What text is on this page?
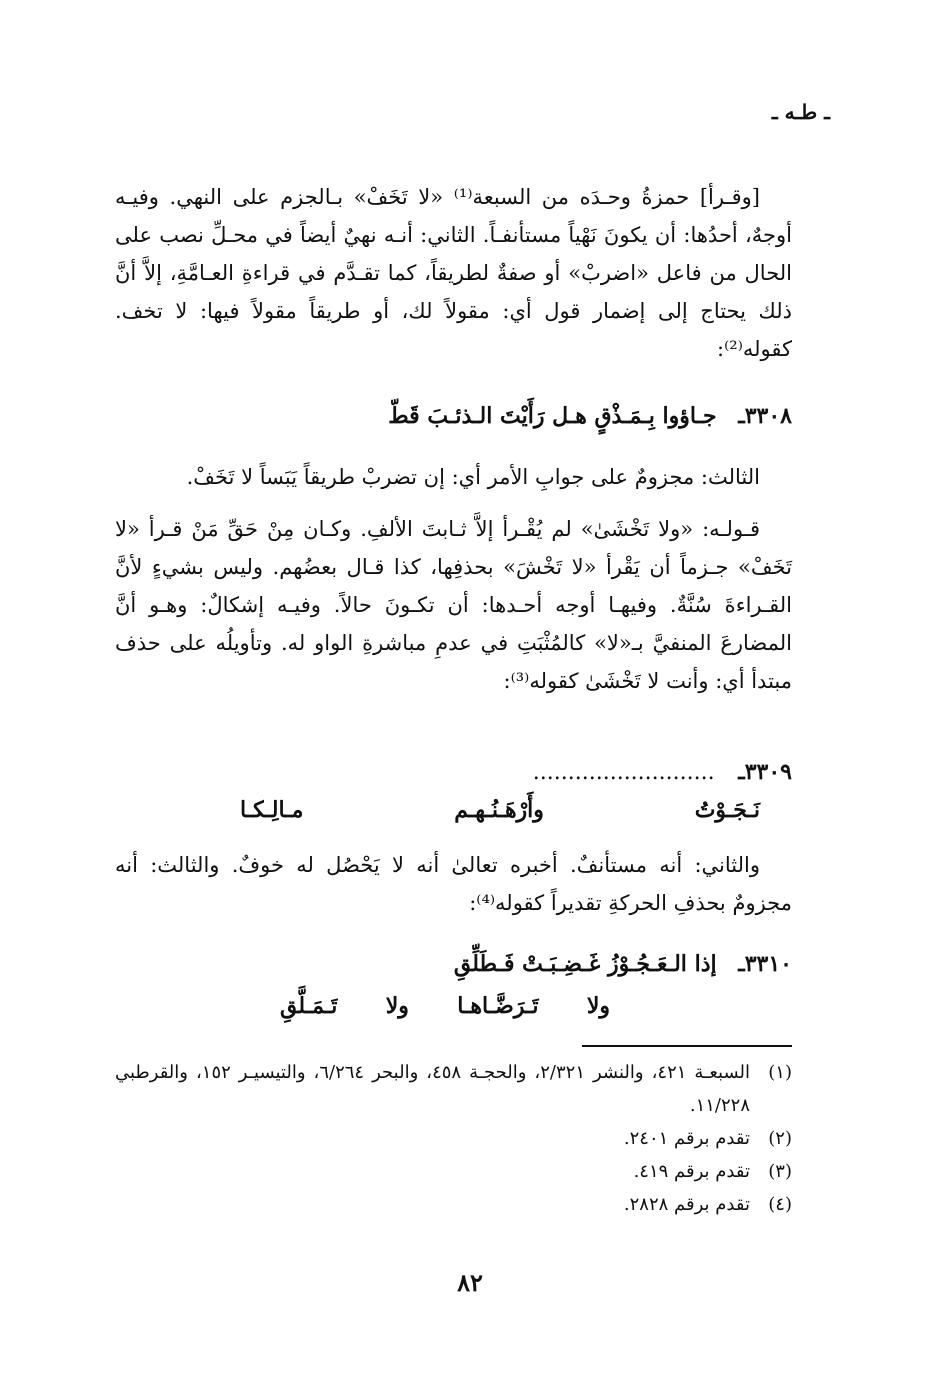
ـ طـه ـ
[وقـرأ] حمزةُ وحـدَه من السبعة⁽¹⁾ «لا تَخَفْ» بـالجزم على النهي. وفيـه أوجهٌ، أحدُها: أن يكونَ نَهْياً مستأنفـاً. الثاني: أنـه نهيٌ أيضاً في محـلِّ نصب على الحال من فاعل «اضربْ» أو صفةٌ لطريقاً، كما تقـدَّم في قراءةِ العـامَّةِ، إلاَّ أنَّ ذلك يحتاج إلى إضمار قول أي: مقولاً لك، أو طريقاً مقولاً فيها: لا تخف. كقوله⁽²⁾:
٣٣٠٨ـ جـاؤوا بِـمَـذْقٍ هـل رَأَيْتَ الـذئـبَ قَطّ
الثالث: مجزومٌ على جوابِ الأمر أي: إن تضربْ طريقاً يَبَساً لا تَخَفْ.
قـولـه: «ولا تَخْشَىٰ» لم يُقْـرأ إلاَّ ثـابتَ الألفِ. وكـان مِنْ حَقِّ مَنْ قـرأ «لا تَخَفْ» جـزماً أن يَقْرأ «لا تَخْشَ» بحذفِها، كذا قـال بعضُهم. وليس بشيءٍ لأنَّ القـراءةَ سُنَّةٌ. وفيهـا أوجه أحـدها: أن تكـونَ حالاً. وفيـه إشكالٌ: وهـو أنَّ المضارعَ المنفيَّ بـ«لا» كالمُثْبَتِ في عدمِ مباشرةِ الواو له. وتأويلُه على حذف مبتدأ أي: وأنت لا تَخْشَىٰ كقوله⁽³⁾:
٣٣٠٩ـ ..........................
نَـجَـوْتُ
وأَرْهَـنُـهـم
مـالِـكـا
والثاني: أنه مستأنفٌ. أخبره تعالىٰ أنه لا يَحْصُل له خوفٌ. والثالث: أنه مجزومٌ بحذفِ الحركةِ تقديراً كقوله⁽⁴⁾:
٣٣١٠ـ إذا الـعَـجُـوْزُ غَـضِـبَـتْ فَـطَلِّقِ
ولا
تَـرَضَّـاهـا
ولا
تَـمَـلَّقِ
(١)
السبعـة ٤٢١، والنشر ٢/٣٢١، والحجـة ٤٥٨، والبحر ٦/٢٦٤، والتيسيـر ١٥٢، والقرطبي ١١/٢٢٨.
(٢)
تقدم برقم ٢٤٠١.
(٣)
تقدم برقم ٤١٩.
(٤)
تقدم برقم ٢٨٢٨.
٨٢
